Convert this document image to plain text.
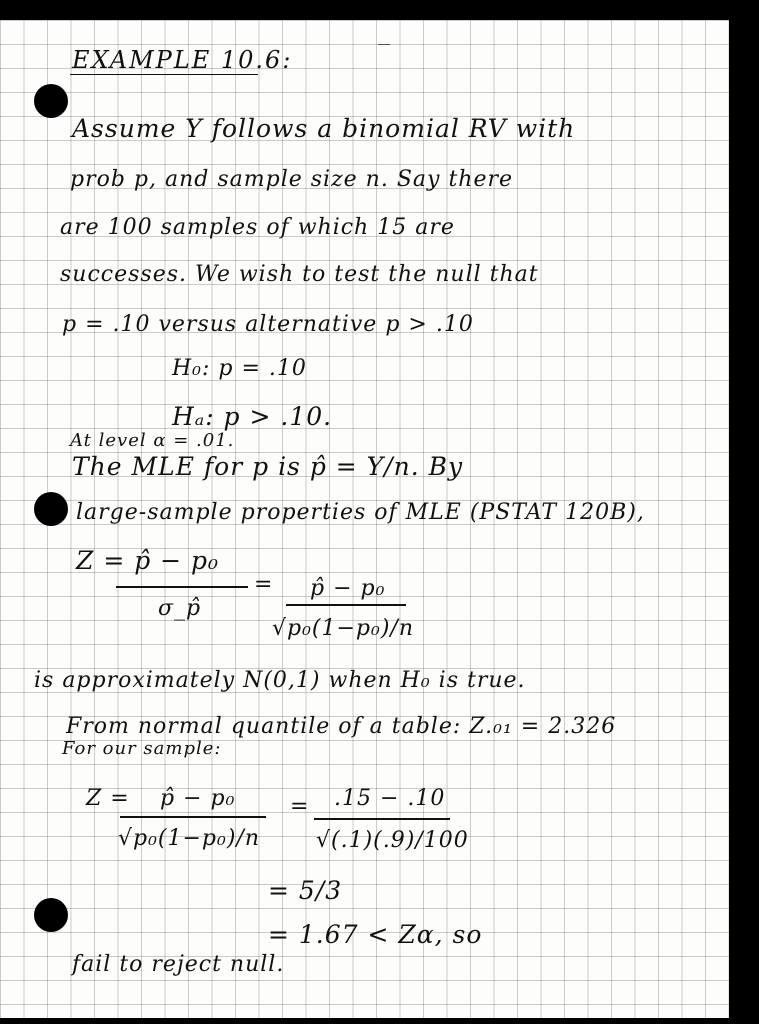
EXAMPLE 10.6:
Assume Y follows a binomial RV with
prob p, and sample size n. Say there
are 100 samples of which 15 are
successes. We wish to test the null that
p = .10 versus alternative p > .10
H₀: p = .10
Hₐ: p > .10.
At level α = .01.
The MLE for p is p̂ = Y/n. By
large-sample properties of MLE (PSTAT 120B),
Z = p̂ − p₀
σ_p̂
= p̂ − p₀
√p₀(1−p₀)/n
is approximately N(0,1) when H₀ is true.
From normal quantile of a table: Z.₀₁ = 2.326
For our sample:
Z = p̂ − p₀
√p₀(1−p₀)/n
= .15 − .10
√(.1)(.9)/100
= 5/3
= 1.67 < Zα, so
fail to reject null.
